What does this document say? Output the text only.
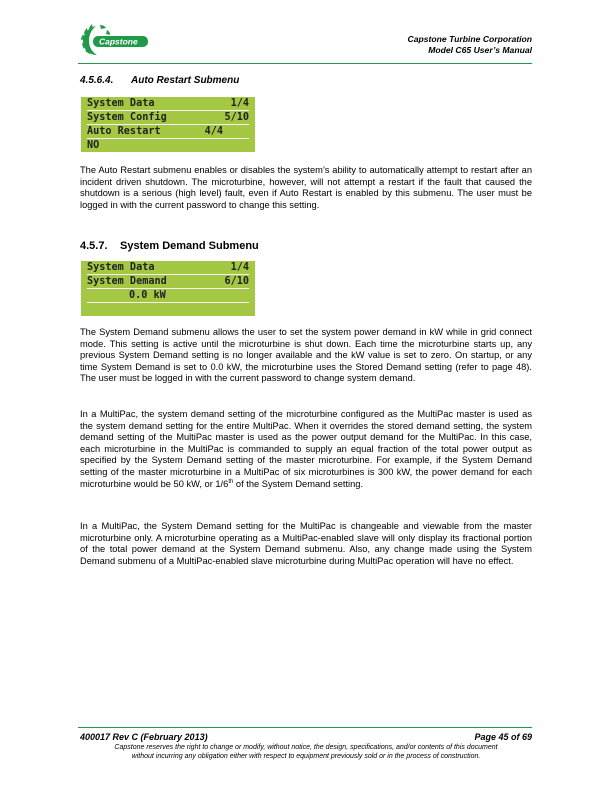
Capstone	Capstone Turbine Corporation
Model C65 User’s Manual
4.5.6.4. Auto Restart Submenu
System Data	1/4
System Config	5/10
Auto Restart	4/4
NO
The Auto Restart submenu enables or disables the system’s ability to automatically attempt to restart after an incident driven shutdown. The microturbine, however, will not attempt a restart if the fault that caused the shutdown is a serious (high level) fault, even if Auto Restart is enabled by this submenu. The user must be logged in with the current password to change this setting.
4.5.7. System Demand Submenu
System Data	1/4
System Demand	6/10
0.0 kW

The System Demand submenu allows the user to set the system power demand in kW while in grid connect mode. This setting is active until the microturbine is shut down. Each time the microturbine starts up, any previous System Demand setting is no longer available and the kW value is set to zero. On startup, or any time System Demand is set to 0.0 kW, the microturbine uses the Stored Demand setting (refer to page 48). The user must be logged in with the current password to change system demand.
In a MultiPac, the system demand setting of the microturbine configured as the MultiPac master is used as the system demand setting for the entire MultiPac. When it overrides the stored demand setting, the system demand setting of the MultiPac master is used as the power output demand for the MultiPac. In this case, each microturbine in the MultiPac is commanded to supply an equal fraction of the total power output as specified by the System Demand setting of the master microturbine. For example, if the System Demand setting of the master microturbine in a MultiPac of six microturbines is 300 kW, the power demand for each microturbine would be 50 kW, or 1/6th of the System Demand setting.
In a MultiPac, the System Demand setting for the MultiPac is changeable and viewable from the master microturbine only. A microturbine operating as a MultiPac-enabled slave will only display its fractional portion of the total power demand at the System Demand submenu. Also, any change made using the System Demand submenu of a MultiPac-enabled slave microturbine during MultiPac operation will have no effect.
400017 Rev C (February 2013)	Page 45 of 69
Capstone reserves the right to change or modify, without notice, the design, specifications, and/or contents of this document
without incurring any obligation either with respect to equipment previously sold or in the process of construction.
